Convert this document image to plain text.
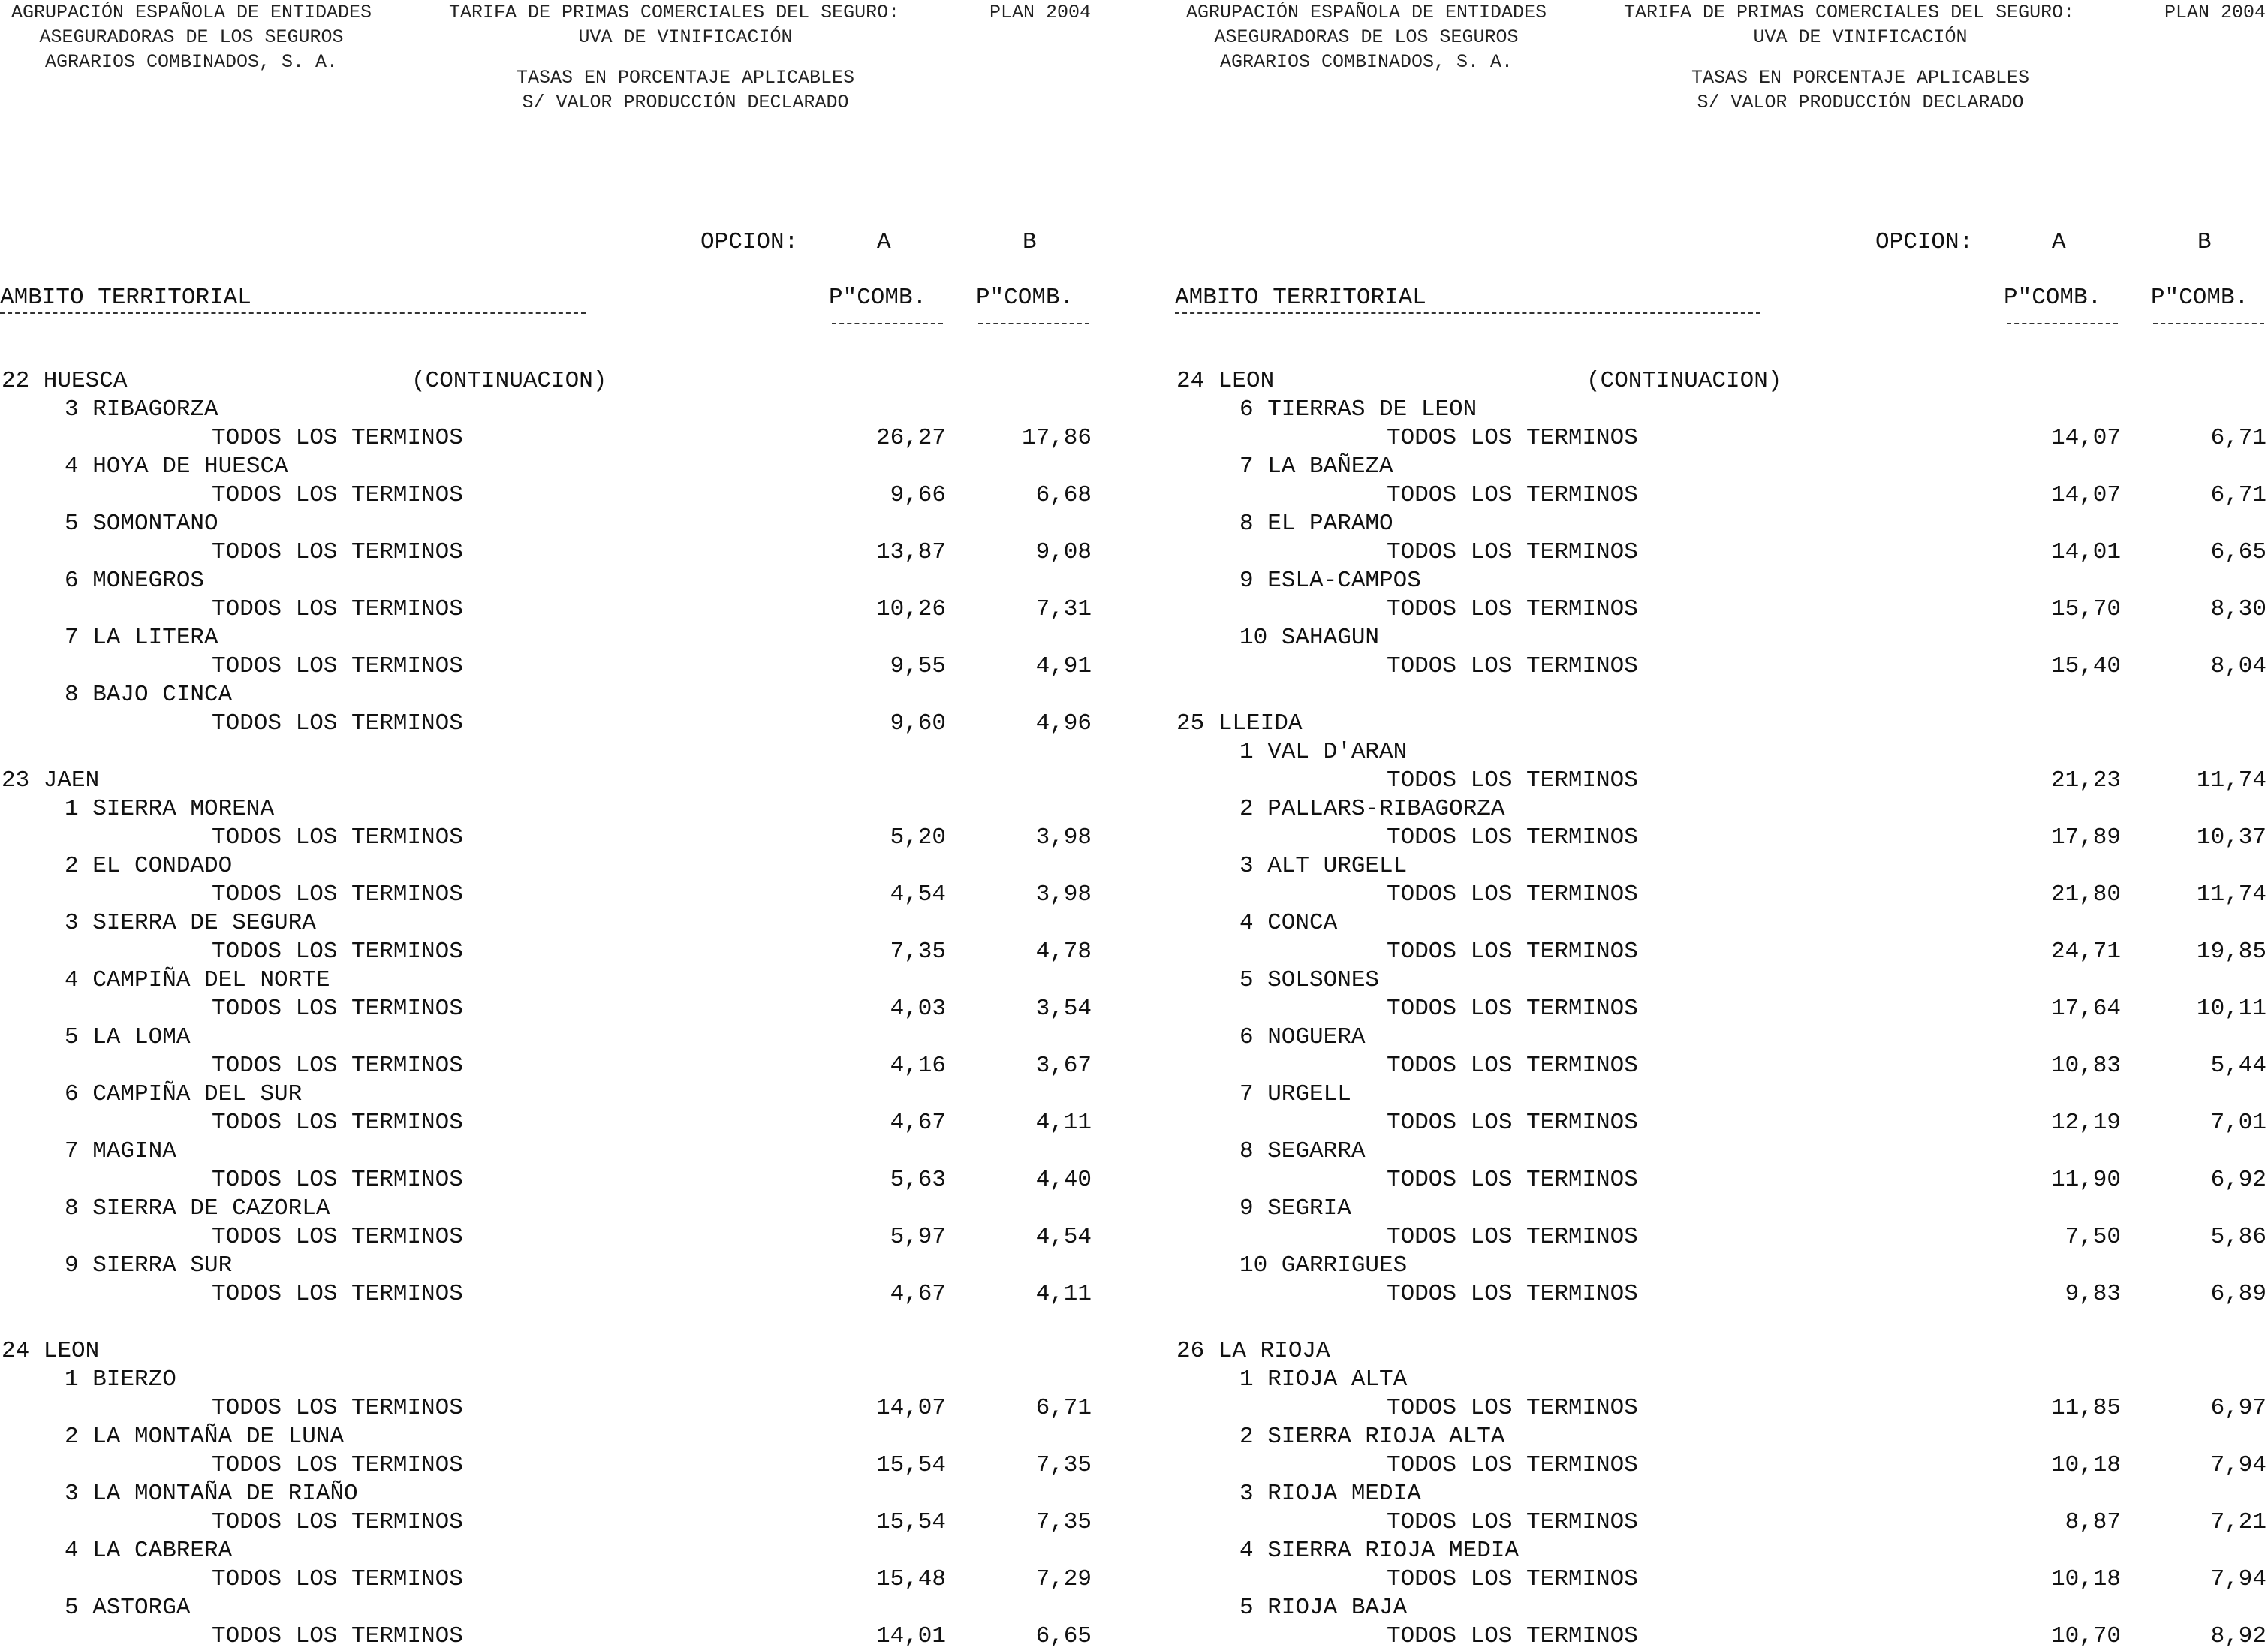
AGRUPACIÓN ESPAÑOLA DE ENTIDADES
ASEGURADORAS DE LOS SEGUROS
AGRARIOS COMBINADOS, S. A.
TARIFA DE PRIMAS COMERCIALES DEL SEGURO:
UVA DE VINIFICACIÓN
PLAN 2004
TASAS EN PORCENTAJE APLICABLES
S/ VALOR PRODUCCIÓN DECLARADO
OPCION:	A	B
AMBITO TERRITORIAL	P"COMB. P"COMB.
22 HUESCA	(CONTINUACION)
3 RIBAGORZA
TODOS LOS TERMINOS	26,27	17,86
4 HOYA DE HUESCA
TODOS LOS TERMINOS	9,66	6,68
5 SOMONTANO
TODOS LOS TERMINOS	13,87	9,08
6 MONEGROS
TODOS LOS TERMINOS	10,26	7,31
7 LA LITERA
TODOS LOS TERMINOS	9,55	4,91
8 BAJO CINCA
TODOS LOS TERMINOS	9,60	4,96
23 JAEN
1 SIERRA MORENA
TODOS LOS TERMINOS	5,20	3,98
2 EL CONDADO
TODOS LOS TERMINOS	4,54	3,98
3 SIERRA DE SEGURA
TODOS LOS TERMINOS	7,35	4,78
4 CAMPIÑA DEL NORTE
TODOS LOS TERMINOS	4,03	3,54
5 LA LOMA
TODOS LOS TERMINOS	4,16	3,67
6 CAMPIÑA DEL SUR
TODOS LOS TERMINOS	4,67	4,11
7 MAGINA
TODOS LOS TERMINOS	5,63	4,40
8 SIERRA DE CAZORLA
TODOS LOS TERMINOS	5,97	4,54
9 SIERRA SUR
TODOS LOS TERMINOS	4,67	4,11
24 LEON
1 BIERZO
TODOS LOS TERMINOS	14,07	6,71
2 LA MONTAÑA DE LUNA
TODOS LOS TERMINOS	15,54	7,35
3 LA MONTAÑA DE RIAÑO
TODOS LOS TERMINOS	15,54	7,35
4 LA CABRERA
TODOS LOS TERMINOS	15,48	7,29
5 ASTORGA
TODOS LOS TERMINOS	14,01	6,65
AGRUPACIÓN ESPAÑOLA DE ENTIDADES
ASEGURADORAS DE LOS SEGUROS
AGRARIOS COMBINADOS, S. A.
TARIFA DE PRIMAS COMERCIALES DEL SEGURO:
UVA DE VINIFICACIÓN
PLAN 2004
TASAS EN PORCENTAJE APLICABLES
S/ VALOR PRODUCCIÓN DECLARADO
OPCION:	A	B
AMBITO TERRITORIAL	P"COMB. P"COMB.
24 LEON	(CONTINUACION)
6 TIERRAS DE LEON
TODOS LOS TERMINOS	14,07	6,71
7 LA BAÑEZA
TODOS LOS TERMINOS	14,07	6,71
8 EL PARAMO
TODOS LOS TERMINOS	14,01	6,65
9 ESLA-CAMPOS
TODOS LOS TERMINOS	15,70	8,30
10 SAHAGUN
TODOS LOS TERMINOS	15,40	8,04
25 LLEIDA
1 VAL D'ARAN
TODOS LOS TERMINOS	21,23	11,74
2 PALLARS-RIBAGORZA
TODOS LOS TERMINOS	17,89	10,37
3 ALT URGELL
TODOS LOS TERMINOS	21,80	11,74
4 CONCA
TODOS LOS TERMINOS	24,71	19,85
5 SOLSONES
TODOS LOS TERMINOS	17,64	10,11
6 NOGUERA
TODOS LOS TERMINOS	10,83	5,44
7 URGELL
TODOS LOS TERMINOS	12,19	7,01
8 SEGARRA
TODOS LOS TERMINOS	11,90	6,92
9 SEGRIA
TODOS LOS TERMINOS	7,50	5,86
10 GARRIGUES
TODOS LOS TERMINOS	9,83	6,89
26 LA RIOJA
1 RIOJA ALTA
TODOS LOS TERMINOS	11,85	6,97
2 SIERRA RIOJA ALTA
TODOS LOS TERMINOS	10,18	7,94
3 RIOJA MEDIA
TODOS LOS TERMINOS	8,87	7,21
4 SIERRA RIOJA MEDIA
TODOS LOS TERMINOS	10,18	7,94
5 RIOJA BAJA
TODOS LOS TERMINOS	10,70	8,92
